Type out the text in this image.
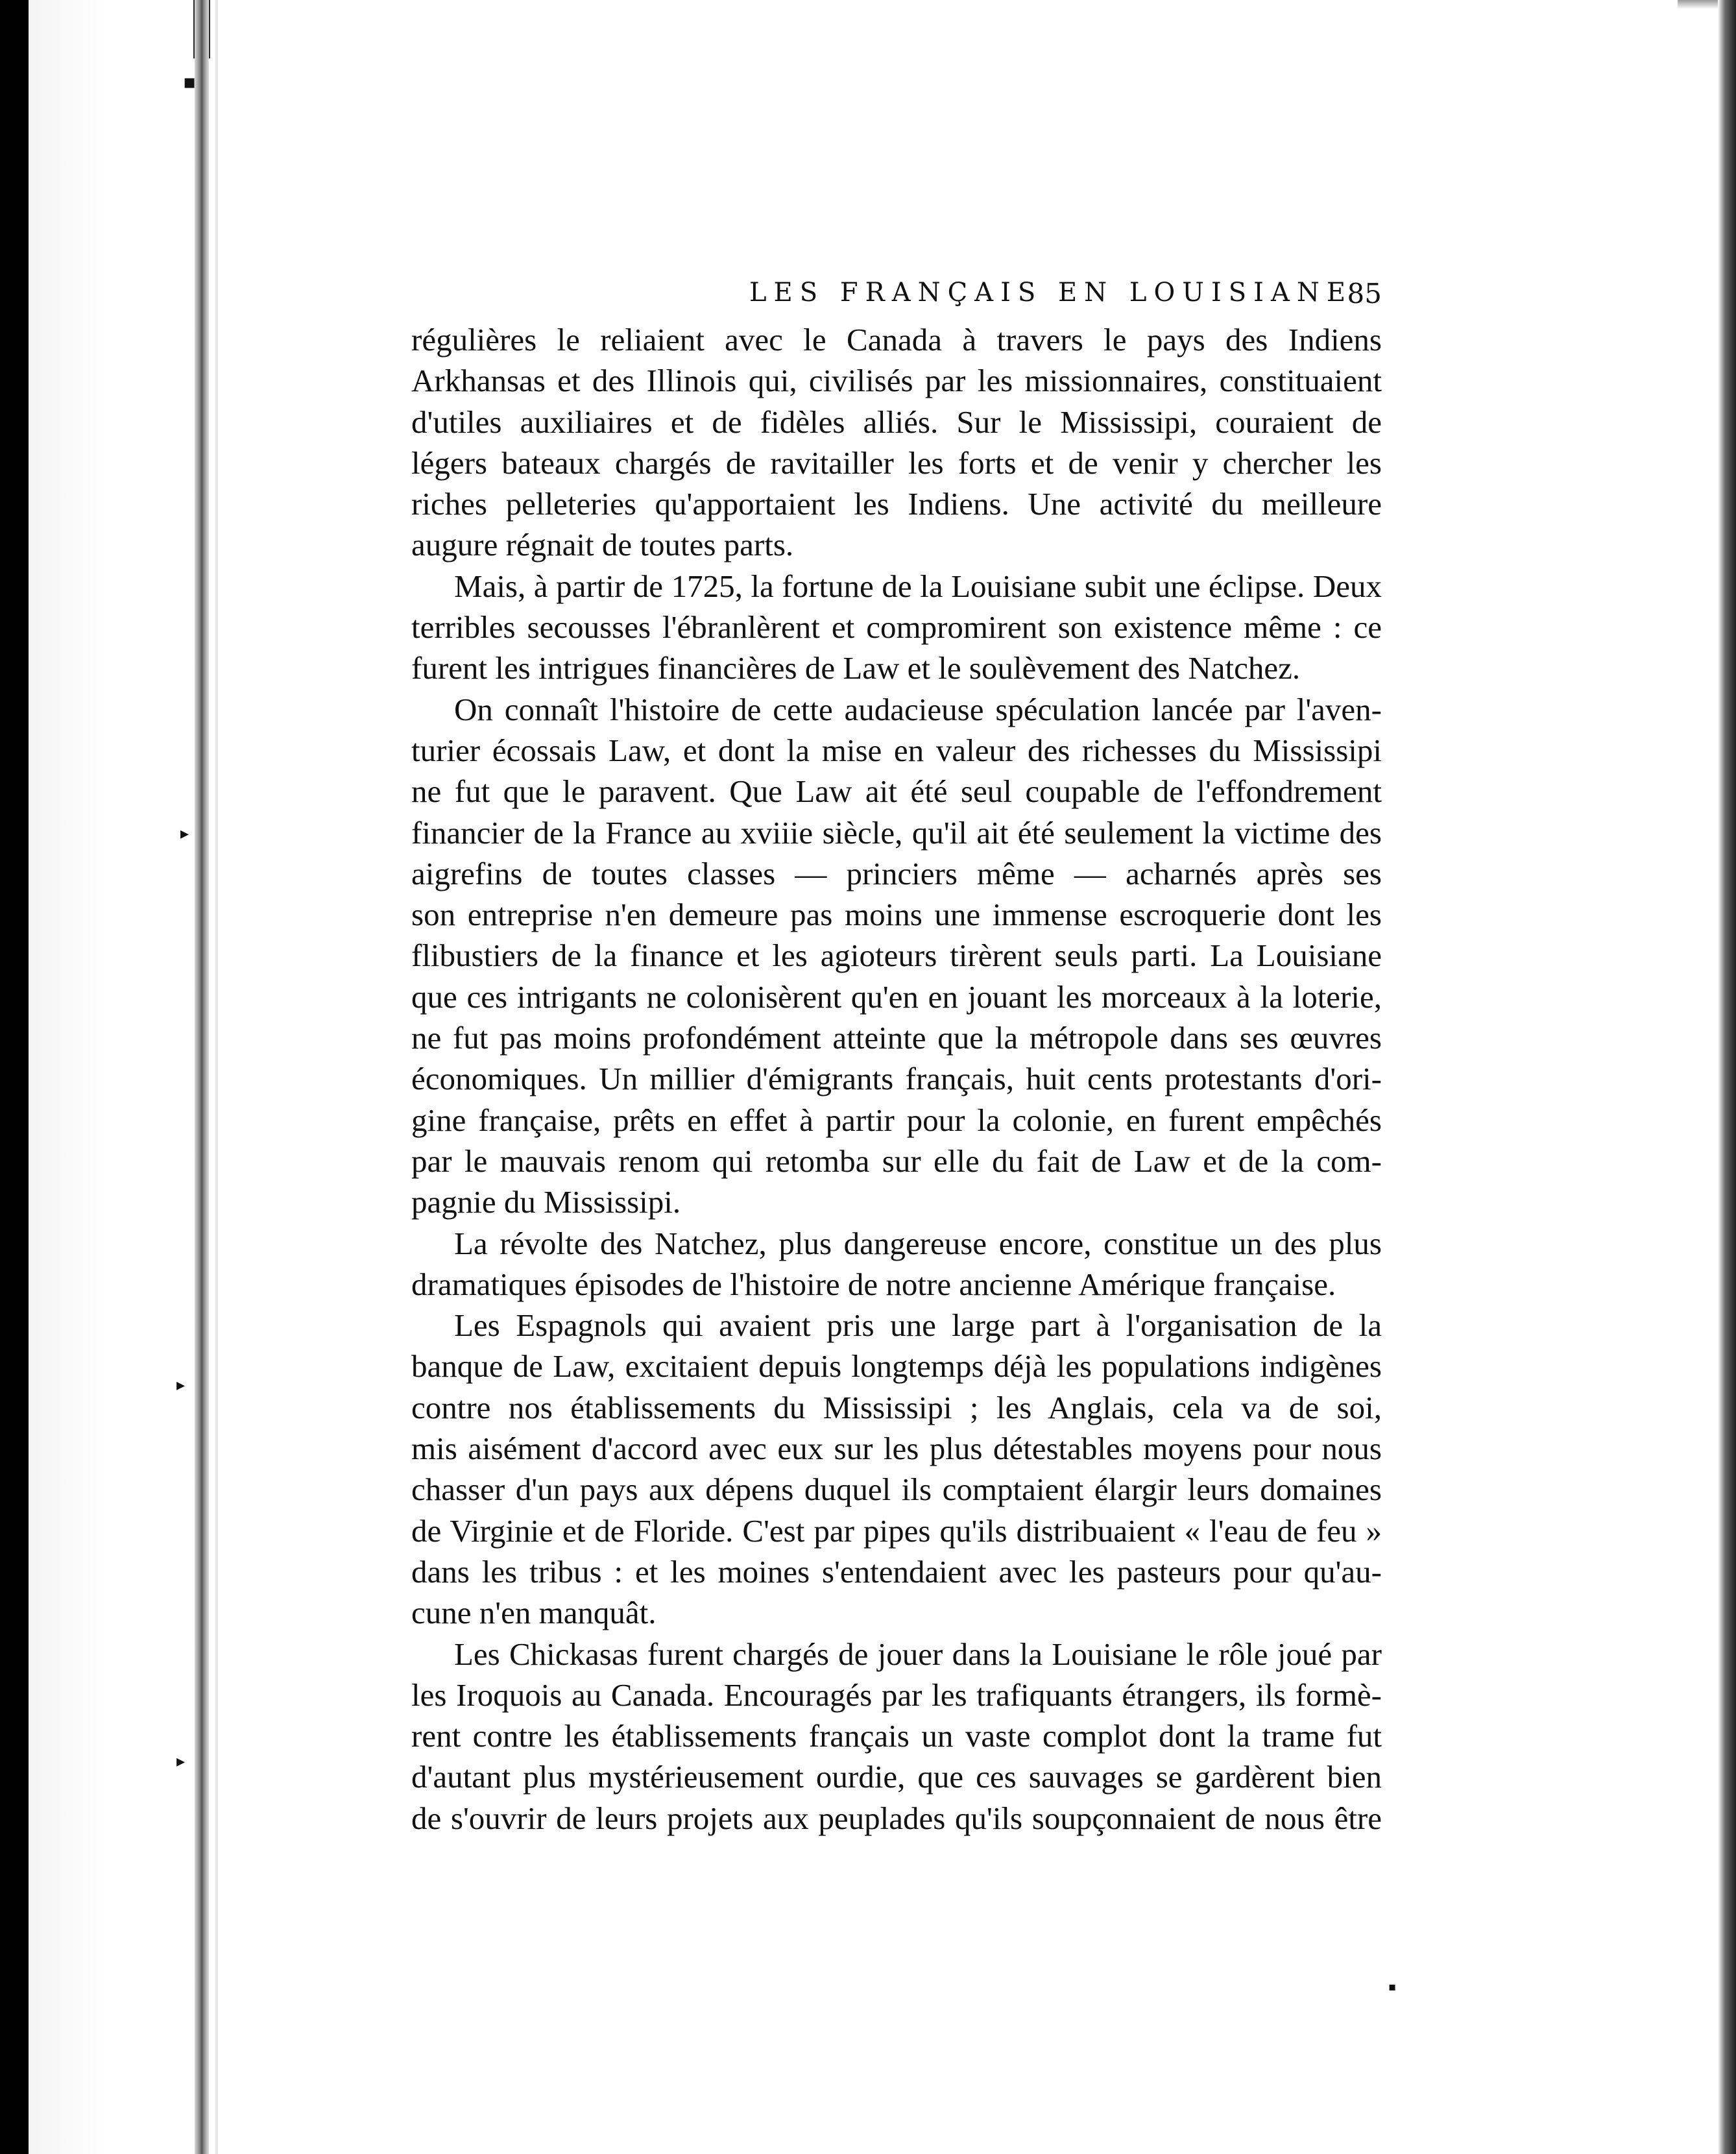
▪
▸
▸
▸
▪
LES FRANÇAIS EN LOUISIANE
85
régulières le reliaient avec le Canada à travers le pays des Indiens
Arkhansas et des Illinois qui, civilisés par les missionnaires, constituaient
d'utiles auxiliaires et de fidèles alliés. Sur le Mississipi, couraient de
légers bateaux chargés de ravitailler les forts et de venir y chercher les
riches pelleteries qu'apportaient les Indiens. Une activité du meilleure
augure régnait de toutes parts.
Mais, à partir de 1725, la fortune de la Louisiane subit une éclipse. Deux
terribles secousses l'ébranlèrent et compromirent son existence même : ce
furent les intrigues financières de Law et le soulèvement des Natchez.
On connaît l'histoire de cette audacieuse spéculation lancée par l'aven-
turier écossais Law, et dont la mise en valeur des richesses du Mississipi
ne fut que le paravent. Que Law ait été seul coupable de l'effondrement
financier de la France au xviiie siècle, qu'il ait été seulement la victime des
aigrefins de toutes classes — princiers même — acharnés après ses
son entreprise n'en demeure pas moins une immense escroquerie dont les
flibustiers de la finance et les agioteurs tirèrent seuls parti. La Louisiane
que ces intrigants ne colonisèrent qu'en en jouant les morceaux à la loterie,
ne fut pas moins profondément atteinte que la métropole dans ses œuvres
économiques. Un millier d'émigrants français, huit cents protestants d'ori-
gine française, prêts en effet à partir pour la colonie, en furent empêchés
par le mauvais renom qui retomba sur elle du fait de Law et de la com-
pagnie du Mississipi.
La révolte des Natchez, plus dangereuse encore, constitue un des plus
dramatiques épisodes de l'histoire de notre ancienne Amérique française.
Les Espagnols qui avaient pris une large part à l'organisation de la
banque de Law, excitaient depuis longtemps déjà les populations indigènes
contre nos établissements du Mississipi ; les Anglais, cela va de soi,
mis aisément d'accord avec eux sur les plus détestables moyens pour nous
chasser d'un pays aux dépens duquel ils comptaient élargir leurs domaines
de Virginie et de Floride. C'est par pipes qu'ils distribuaient « l'eau de feu »
dans les tribus : et les moines s'entendaient avec les pasteurs pour qu'au-
cune n'en manquât.
Les Chickasas furent chargés de jouer dans la Louisiane le rôle joué par
les Iroquois au Canada. Encouragés par les trafiquants étrangers, ils formè-
rent contre les établissements français un vaste complot dont la trame fut
d'autant plus mystérieusement ourdie, que ces sauvages se gardèrent bien
de s'ouvrir de leurs projets aux peuplades qu'ils soupçonnaient de nous être
